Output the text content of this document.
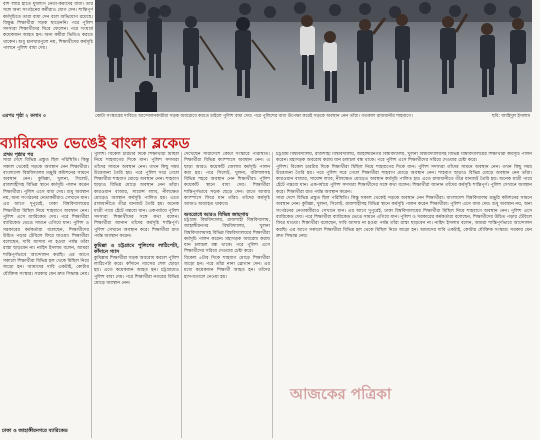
বাঁশ লাঠি হাতে যুবলীগ নেতা-কর্মীদের বাধা। তার সঙ্গে অন্য সংগঠনের কর্মীরাও যোগ দেন। শান্তিপূর্ণ কর্মসূচিতে তারা বাধা দেন বলে অভিযোগ রয়েছে। বিক্ষুব্ধ শিক্ষার্থীরা সড়ক ছাড়েননি। পরে পুলিশ সদস্যরা শিক্ষার্থীদের ঘিরে ফেলেন। পরে সংঘর্ষে কয়েকজন আহত হন। অন্য কর্মীরা ভিডিও করতে থাকেন। শুধু চানখারপুলে নয়, শিক্ষার্থীদের কর্মসূচি পালনে পুলিশ বাধা দেয়।

এরপর পৃষ্ঠা ২ কলাম ৩	কোটা সংস্কারের দাবিতে আন্দোলনকারীরা সড়ক অবরোধে করতে চাইলে পুলিশ বাধা দেয়। পরে পুলিশের বাধা উপেক্ষা করেই সড়কে অবস্থান নেন তাঁরা। গতকাল রাজধানীর শাহবাগে।	ছবি: জাহিদুল ইসলাম
ব্যারিকেড ভেঙেই বাংলা ব্লকেড

প্রথম পৃষ্ঠার পর

সারা দেশে বিভিন্ন প্রস্তুত ছিল পরিস্থিতি। কিন্তু সকাল থেকেই সড়কে অবস্থান নেন শিক্ষার্থীরা। বাংলাদেশ বিশ্ববিদ্যালয় মঞ্জুরি কমিশনের সামনে অবস্থান নেন। কুমিল্লা, খুলনা, সিলেট, রাজশাহীসহ বিভিন্ন স্থানে কর্মসূচি পালন করেন শিক্ষার্থীরা। পুলিশ এসে বাধা দেয়। শুধু অবস্থান নয়, অন্য সংগঠনের নেতাকর্মীরাও সেখানে যান। এর আগে দুপুরেই, ঢাকা বিশ্ববিদ্যালয়ের শিক্ষার্থীরা মিছিল নিয়ে শাহবাগে অবস্থান নেন। পুলিশ এসে ব্যারিকেড দেয়। পরে শিক্ষার্থীরা ব্যারিকেড ভেঙে সামনে এগিয়ে যান। পুলিশ ও সরকারের কর্মকর্তারা বলেছেন, শিক্ষার্থীদের উচিত পড়ার টেবিলে ফিরে যাওয়া। শিক্ষার্থীরা বলেছেন, দাবি আদায় না হওয়া পর্যন্ত তাঁরা রাস্তা ছাড়বেন না। নাহিদ ইসলাম বলেন, আমরা শান্তিপূর্ণভাবে আন্দোলন করছি। এর আগে সকালে শিক্ষার্থীরা বিভিন্ন হল থেকে মিছিল নিয়ে জড়ো হন। আমাদের দাবি একটাই, কোটার যৌক্তিক সংস্কার। সরকার যেন দ্রুত সিদ্ধান্ত নেয়।

ঢাকা ও জাহাঙ্গীরনগরে ব্যারিকেড

পুলিশ। বিকেল চারটার দিকে শিক্ষার্থীরা মিছিল নিয়ে শাহবাগের দিকে যান। পুলিশ সদস্যরা তাঁদের সামনে অবস্থান নেন। তখন কিছু সময় উত্তেজনা তৈরি হয়। পরে পুলিশ সরে গেলে শিক্ষার্থীরা শাহবাগ মোড়ে অবস্থান নেন। শাহবাগ ছাড়াও বিভিন্ন মোড়ে অবস্থান নেন তাঁরা। কারওয়ান বাজার, সায়েন্স ল্যাব, নীলক্ষেত মোড়েও অবস্থান কর্মসূচি পালিত হয়। এতে রাজধানীতে তীব্র যানজট তৈরি হয়। অনেক যাত্রী পায়ে হেঁটে গন্তব্যে যান। একপর্যায়ে পুলিশ সদস্যরা শিক্ষার্থীদের সঙ্গে কথা বলেন। শিক্ষার্থীরা জানান তাঁদের কর্মসূচি শান্তিপূর্ণ। পুলিশ সেখানে অবস্থান করে। শিক্ষার্থীরা রাত পর্যন্ত অবস্থান করেন।

কুমিল্লা ও চট্টগ্রামে পুলিশের লাঠিপেটা, কাঁদানে গ্যাস

কুমিল্লায় শিক্ষার্থীরা সড়ক অবরোধ করলে পুলিশ লাঠিপেটা করে। কাঁদানে গ্যাসের শেল ছোড়া হয়। এতে কয়েকজন আহত হন। চট্টগ্রামেও পুলিশ বাধা দেয়। পরে শিক্ষার্থীরা নগরের বিভিন্ন মোড়ে অবস্থান নেন।

দেখেছেন সারাদেশে কোটা সংস্কারে পরিস্থিতি। শিক্ষার্থীরা বিভিন্ন ক্যাম্পাসে অবস্থান নেন। এ ছাড়া আরও কয়েকটি জেলায় কর্মসূচি পালন করা হয়। পরে সিলেট, খুলনা, বরিশালসহ বিভিন্ন শহরে অবস্থান নেন শিক্ষার্থীরা। পুলিশ কয়েকটি স্থানে বাধা দেয়। শিক্ষার্থীরা শান্তিপূর্ণভাবে সড়ক ছেড়ে দেন। রাতে আবার ক্যাম্পাসে ফিরে যান তাঁরা। তাঁদের কর্মসূচি আজও অব্যাহত থাকবে।

অবরোধে আরও বিভিন্ন জায়গায়

চট্টগ্রাম বিশ্ববিদ্যালয়, রাজশাহী বিশ্ববিদ্যালয়, জাহাঙ্গীরনগর বিশ্ববিদ্যালয়, খুলনা বিশ্ববিদ্যালয়সহ বিভিন্ন বিশ্ববিদ্যালয়ের শিক্ষার্থীরা কর্মসূচি পালন করেন। মহাসড়ক অবরোধ করায় যান চলাচল বন্ধ থাকে। পরে পুলিশ এসে শিক্ষার্থীদের সরিয়ে দেওয়ার চেষ্টা করে।

বিকেল ৫টার দিকে শাহবাগ মোড়ে শিক্ষার্থীরা জড়ো হন। পরে তাঁরা নানা স্লোগান দেন। এর মধ্যে কয়েকজন শিক্ষার্থী আহত হন। তাঁদের হাসপাতালে নেওয়া হয়।

চট্টগ্রাম বিশ্ববিদ্যালয়, রাজশাহী বিশ্ববিদ্যালয়, জাহাঙ্গীরনগর বিশ্ববিদ্যালয়, খুলনা বিশ্ববিদ্যালয়সহ বিভিন্ন বিশ্ববিদ্যালয়ের শিক্ষার্থীরা কর্মসূচি পালন করেন। মহাসড়ক অবরোধ করায় যান চলাচল বন্ধ থাকে। পরে পুলিশ এসে শিক্ষার্থীদের সরিয়ে দেওয়ার চেষ্টা করে।

পুলিশ। বিকেল চারটার দিকে শিক্ষার্থীরা মিছিল নিয়ে শাহবাগের দিকে যান। পুলিশ সদস্যরা তাঁদের সামনে অবস্থান নেন। তখন কিছু সময় উত্তেজনা তৈরি হয়। পরে পুলিশ সরে গেলে শিক্ষার্থীরা শাহবাগ মোড়ে অবস্থান নেন। শাহবাগ ছাড়াও বিভিন্ন মোড়ে অবস্থান নেন তাঁরা। কারওয়ান বাজার, সায়েন্স ল্যাব, নীলক্ষেত মোড়েও অবস্থান কর্মসূচি পালিত হয়। এতে রাজধানীতে তীব্র যানজট তৈরি হয়। অনেক যাত্রী পায়ে হেঁটে গন্তব্যে যান। একপর্যায়ে পুলিশ সদস্যরা শিক্ষার্থীদের সঙ্গে কথা বলেন। শিক্ষার্থীরা জানান তাঁদের কর্মসূচি শান্তিপূর্ণ। পুলিশ সেখানে অবস্থান করে। শিক্ষার্থীরা রাত পর্যন্ত অবস্থান করেন।

সারা দেশে বিভিন্ন প্রস্তুত ছিল পরিস্থিতি। কিন্তু সকাল থেকেই সড়কে অবস্থান নেন শিক্ষার্থীরা। বাংলাদেশ বিশ্ববিদ্যালয় মঞ্জুরি কমিশনের সামনে অবস্থান নেন। কুমিল্লা, খুলনা, সিলেট, রাজশাহীসহ বিভিন্ন স্থানে কর্মসূচি পালন করেন শিক্ষার্থীরা। পুলিশ এসে বাধা দেয়। শুধু অবস্থান নয়, অন্য সংগঠনের নেতাকর্মীরাও সেখানে যান। এর আগে দুপুরেই, ঢাকা বিশ্ববিদ্যালয়ের শিক্ষার্থীরা মিছিল নিয়ে শাহবাগে অবস্থান নেন। পুলিশ এসে ব্যারিকেড দেয়। পরে শিক্ষার্থীরা ব্যারিকেড ভেঙে সামনে এগিয়ে যান। পুলিশ ও সরকারের কর্মকর্তারা বলেছেন, শিক্ষার্থীদের উচিত পড়ার টেবিলে ফিরে যাওয়া। শিক্ষার্থীরা বলেছেন, দাবি আদায় না হওয়া পর্যন্ত তাঁরা রাস্তা ছাড়বেন না। নাহিদ ইসলাম বলেন, আমরা শান্তিপূর্ণভাবে আন্দোলন করছি। এর আগে সকালে শিক্ষার্থীরা বিভিন্ন হল থেকে মিছিল নিয়ে জড়ো হন। আমাদের দাবি একটাই, কোটার যৌক্তিক সংস্কার। সরকার যেন দ্রুত সিদ্ধান্ত নেয়।

আজকের পত্রিকা
